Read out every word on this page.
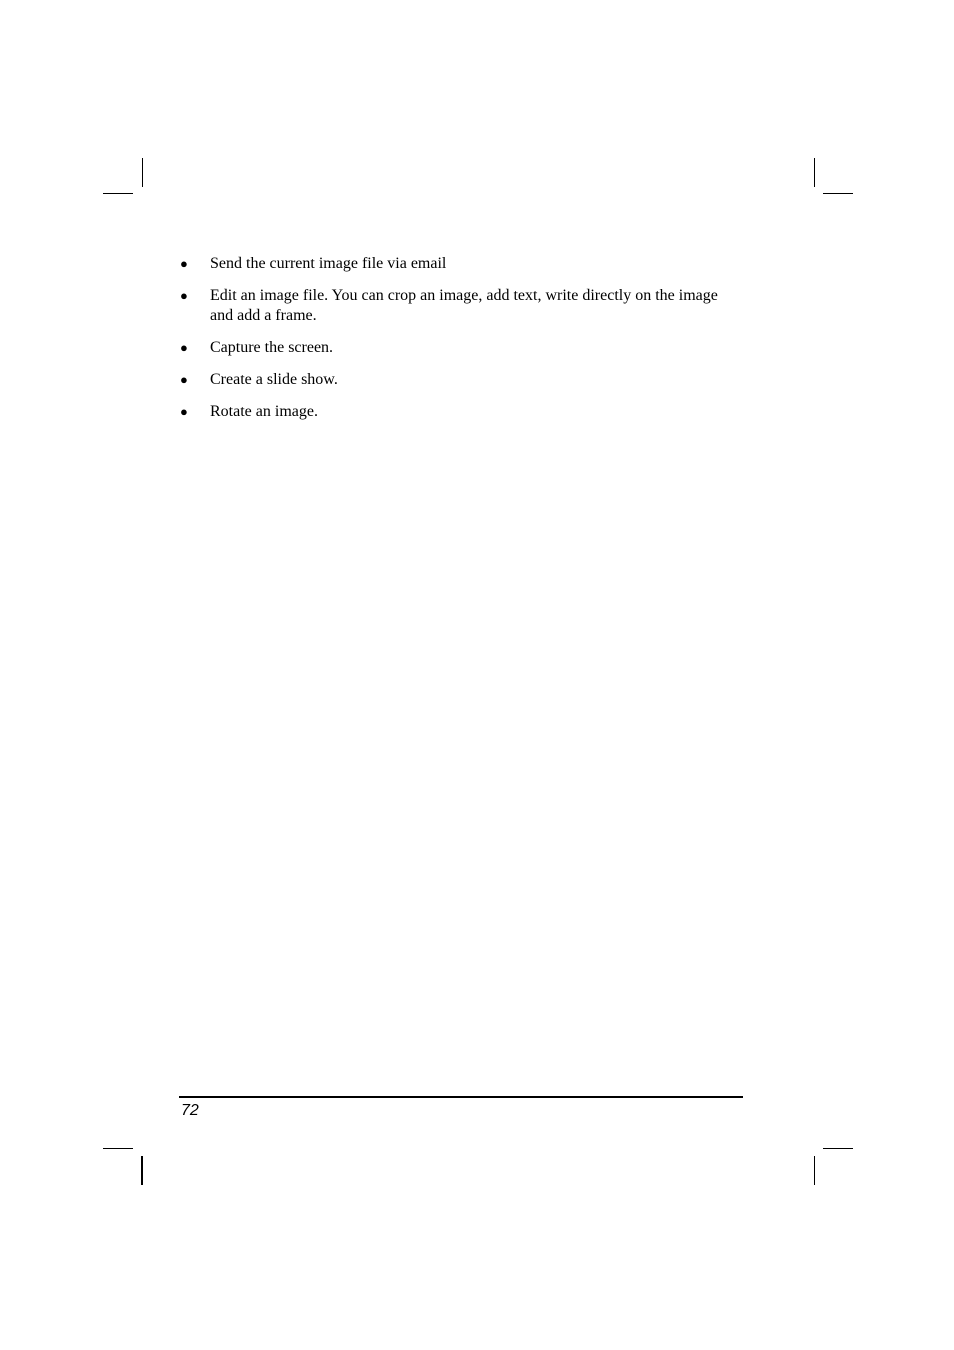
● Send the current image file via email
● Edit an image file. You can crop an image, add text, write directly on the image and add a frame.
● Capture the screen.
● Create a slide show.
● Rotate an image.
72
